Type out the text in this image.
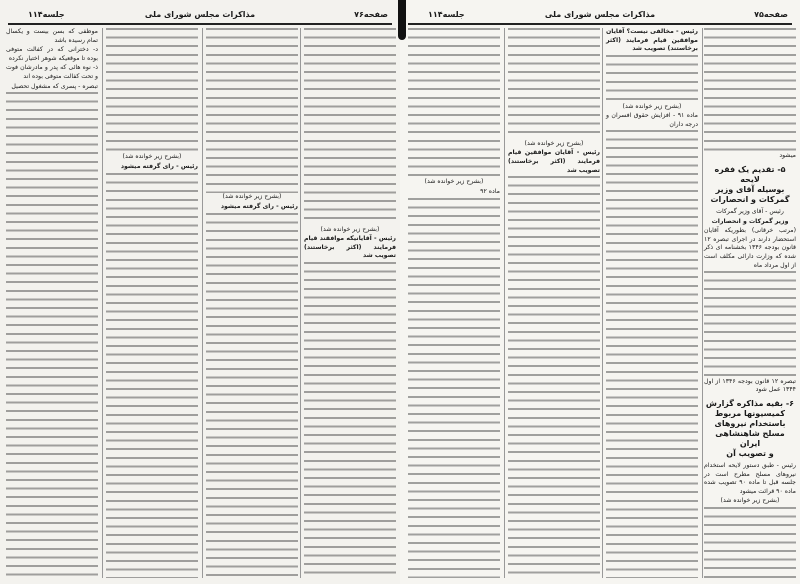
صفحه۷۶
مذاکرات مجلس شورای ملی
جلسه۱۱۴

موظفی که بسن بیست و یکسال تمام رسیده باشد

د- دخترانی که در کفالت متوفی بوده تا موقعیکه شوهر اختیار نکرده

ذ- نوه هائی که پدر و مادرشان فوت و تحت کفالت متوفی بوده اند

تبصره - پسری که مشغول تحصیل

(بشرح زیر خوانده شد)

رئیس - رای گرفته میشود

(بشرح زیر خوانده شد)

رئیس - رای گرفته میشود

(بشرح زیر خوانده شد)

رئیس - آقایانیکه موافقند قیام فرمایند (اکثر برخاستند) تصویب شد

صفحه۷۵
مذاکرات مجلس شورای ملی
جلسه۱۱۴

(بشرح زیر خوانده شد)

ماده ۹۲

(بشرح زیر خوانده شد)

رئیس - آقایان موافقین قیام فرمایند (اکثر برخاستند) تصویب شد

رئیس - مخالفی نیست؟ آقایان موافقین قیام فرمایند (اکثر برخاستند) تصویب شد

(بشرح زیر خوانده شد)

ماده ۹۱ - افزایش حقوق افسران و درجه داران

میشود

۵- تقدیم یک فقره لایحه
بوسیله آقای وزیر
گمرکات و انحصارات

رئیس - آقای وزیر گمرکات

وزیر گمرکات و انحصارات

(مرتب خرقانی) بطوریکه آقایان استحضار دارند در اجرای تبصره ۱۲ قانون بودجه ۱۳۴۶ بخشنامه ای ذکر شده که وزارت دارائی مکلف است از اول مرداد ماه

تبصره ۱۲ قانون بودجه ۱۳۴۶ از اول ۱۳۴۴ عمل شود

۶- بقیه مذاکره گزارش
کمیسیونها مربوط
باستخدام نیروهای
مسلح شاهنشاهی ایران
و تصویب آن

رئیس - طبق دستور لایحه استخدام نیروهای مسلح مطرح است در جلسه قبل تا ماده ۹۰ تصویب شده ماده ۹۰ قرائت میشود

(بشرح زیر خوانده شد)
